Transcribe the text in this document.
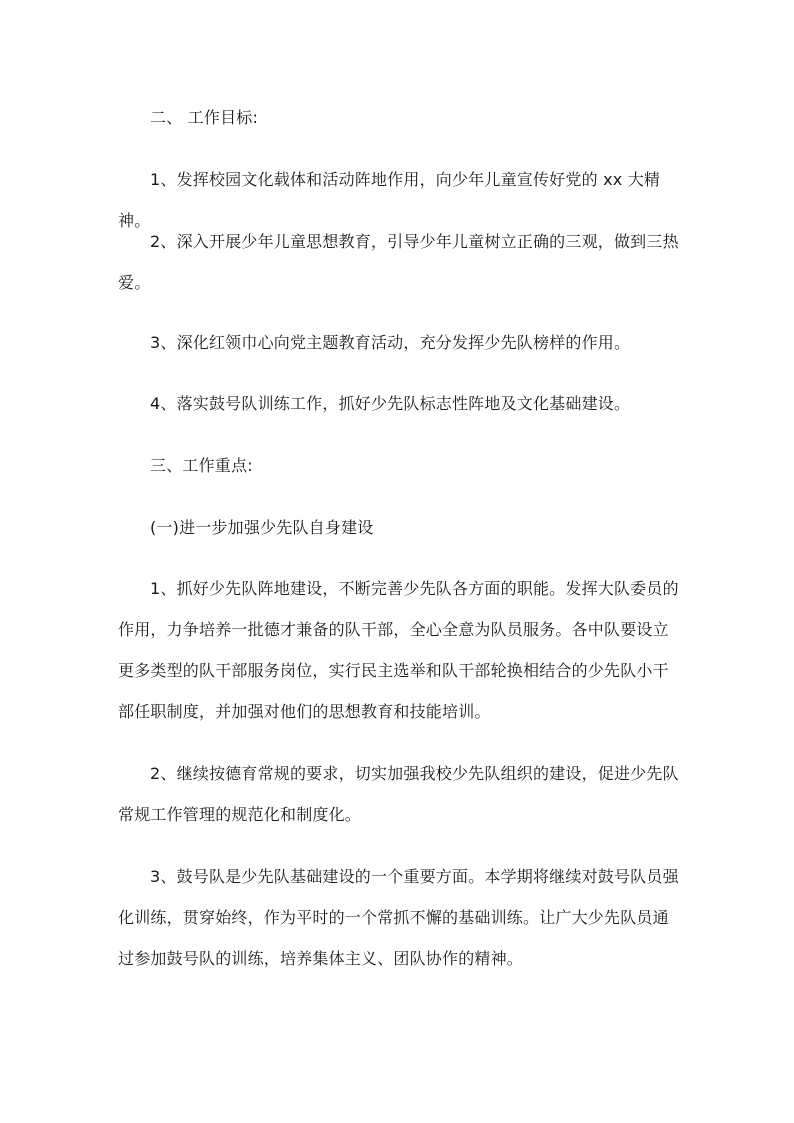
二、 工作目标:

1、发挥校园文化载体和活动阵地作用，向少年儿童宣传好党的 xx 大精神。

2、深入开展少年儿童思想教育，引导少年儿童树立正确的三观，做到三热爱。

3、深化红领巾心向党主题教育活动，充分发挥少先队榜样的作用。

4、落实鼓号队训练工作，抓好少先队标志性阵地及文化基础建设。

三、工作重点:

(一)进一步加强少先队自身建设

1、抓好少先队阵地建设，不断完善少先队各方面的职能。发挥大队委员的作用，力争培养一批德才兼备的队干部，全心全意为队员服务。各中队要设立更多类型的队干部服务岗位，实行民主选举和队干部轮换相结合的少先队小干部任职制度，并加强对他们的思想教育和技能培训。

2、继续按德育常规的要求，切实加强我校少先队组织的建设，促进少先队常规工作管理的规范化和制度化。

3、鼓号队是少先队基础建设的一个重要方面。本学期将继续对鼓号队员强化训练，贯穿始终，作为平时的一个常抓不懈的基础训练。让广大少先队员通过参加鼓号队的训练，培养集体主义、团队协作的精神。
